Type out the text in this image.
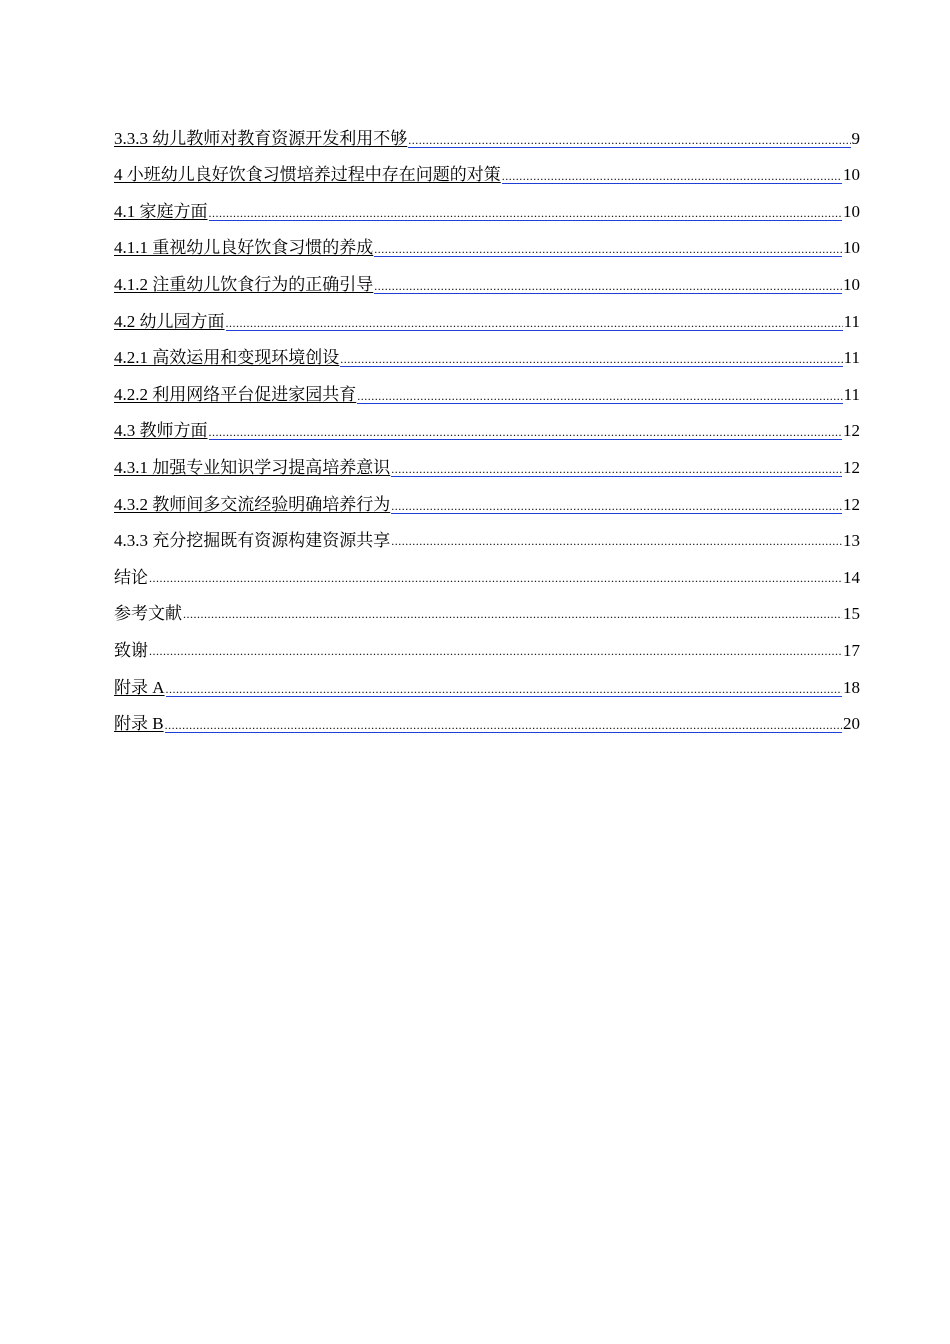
3.3.3 幼儿教师对教育资源开发利用不够 .....	9
4 小班幼儿良好饮食习惯培养过程中存在问题的对策 .....	10
4.1 家庭方面 .....	10
4.1.1 重视幼儿良好饮食习惯的养成 .....	10
4.1.2 注重幼儿饮食行为的正确引导 .....	10
4.2 幼儿园方面 .....	11
4.2.1 高效运用和变现环境创设 .....	11
4.2.2 利用网络平台促进家园共育 .....	11
4.3 教师方面 .....	12
4.3.1 加强专业知识学习提高培养意识 .....	12
4.3.2 教师间多交流经验明确培养行为 .....	12
4.3.3 充分挖掘既有资源构建资源共享 .....	13
结论 .....	14
参考文献 .....	15
致谢 .....	17
附录 A .....	18
附录 B .....	20
